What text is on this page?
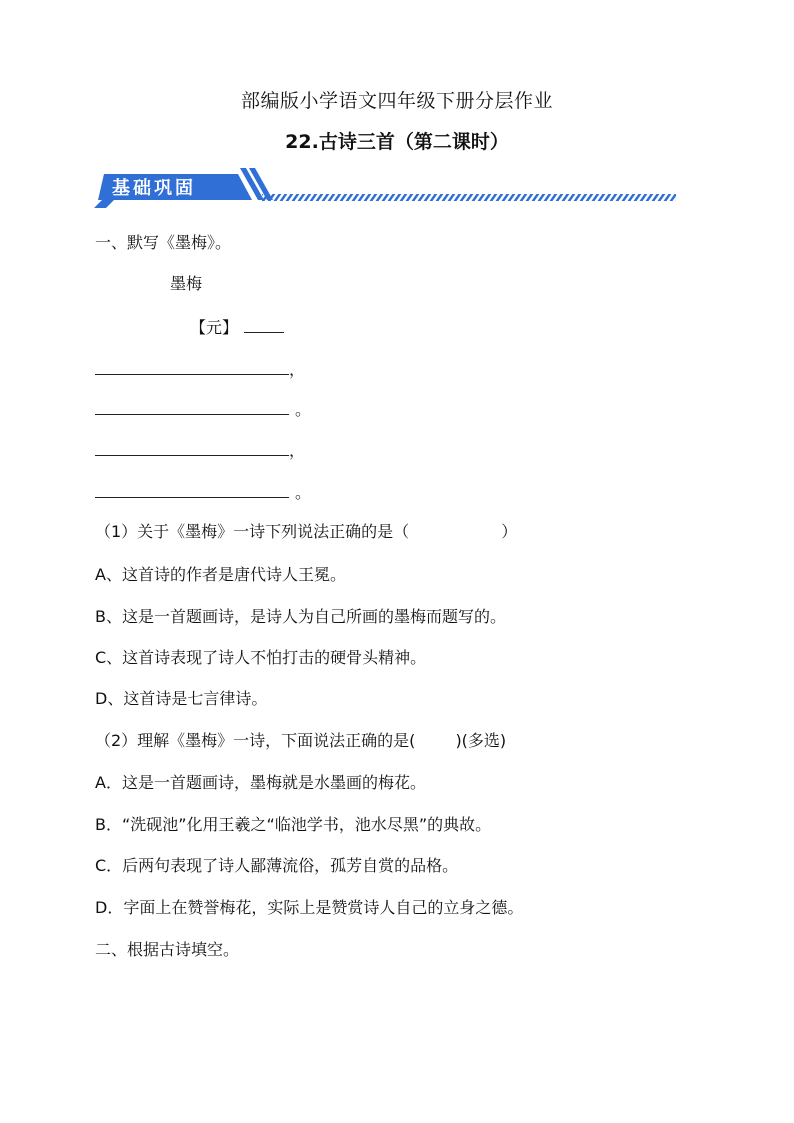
部编版小学语文四年级下册分层作业
22.古诗三首（第二课时）
基础巩固
一、默写《墨梅》。
墨梅
【元】
，
。
，
。
（1）关于《墨梅》一诗下列说法正确的是（	）
A、这首诗的作者是唐代诗人王冕。
B、这是一首题画诗，是诗人为自己所画的墨梅而题写的。
C、这首诗表现了诗人不怕打击的硬骨头精神。
D、这首诗是七言律诗。
（2）理解《墨梅》一诗，下面说法正确的是(	)(多选)
A．这是一首题画诗，墨梅就是水墨画的梅花。
B．“洗砚池”化用王羲之“临池学书，池水尽黑”的典故。
C．后两句表现了诗人鄙薄流俗，孤芳自赏的品格。
D．字面上在赞誉梅花，实际上是赞赏诗人自己的立身之德。
二、根据古诗填空。
